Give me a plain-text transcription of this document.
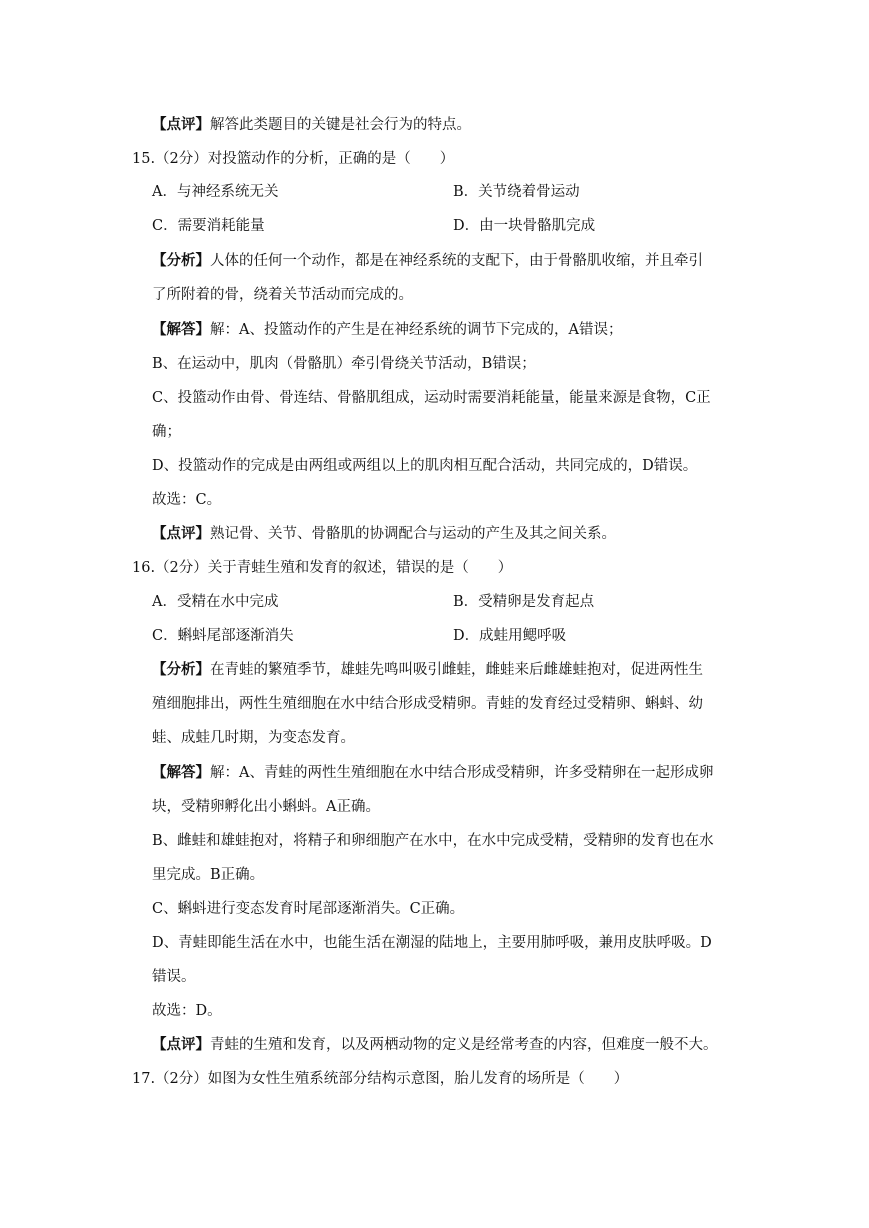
【点评】解答此类题目的关键是社会行为的特点。
15.（2分）对投篮动作的分析，正确的是（　　）
A．与神经系统无关	B．关节绕着骨运动
C．需要消耗能量	D．由一块骨骼肌完成
【分析】人体的任何一个动作，都是在神经系统的支配下，由于骨骼肌收缩，并且牵引
了所附着的骨，绕着关节活动而完成的。
【解答】解：A、投篮动作的产生是在神经系统的调节下完成的，A错误；
B、在运动中，肌肉（骨骼肌）牵引骨绕关节活动，B错误；
C、投篮动作由骨、骨连结、骨骼肌组成，运动时需要消耗能量，能量来源是食物，C正
确；
D、投篮动作的完成是由两组或两组以上的肌肉相互配合活动，共同完成的，D错误。
故选：C。
【点评】熟记骨、关节、骨骼肌的协调配合与运动的产生及其之间关系。
16.（2分）关于青蛙生殖和发育的叙述，错误的是（　　）
A．受精在水中完成	B．受精卵是发育起点
C．蝌蚪尾部逐渐消失	D．成蛙用鳃呼吸
【分析】在青蛙的繁殖季节，雄蛙先鸣叫吸引雌蛙，雌蛙来后雌雄蛙抱对，促进两性生
殖细胞排出，两性生殖细胞在水中结合形成受精卵。青蛙的发育经过受精卵、蝌蚪、幼
蛙、成蛙几时期，为变态发育。
【解答】解：A、青蛙的两性生殖细胞在水中结合形成受精卵，许多受精卵在一起形成卵
块，受精卵孵化出小蝌蚪。A正确。
B、雌蛙和雄蛙抱对，将精子和卵细胞产在水中，在水中完成受精，受精卵的发育也在水
里完成。B正确。
C、蝌蚪进行变态发育时尾部逐渐消失。C正确。
D、青蛙即能生活在水中，也能生活在潮湿的陆地上，主要用肺呼吸，兼用皮肤呼吸。D
错误。
故选：D。
【点评】青蛙的生殖和发育，以及两栖动物的定义是经常考查的内容，但难度一般不大。
17.（2分）如图为女性生殖系统部分结构示意图，胎儿发育的场所是（　　）
